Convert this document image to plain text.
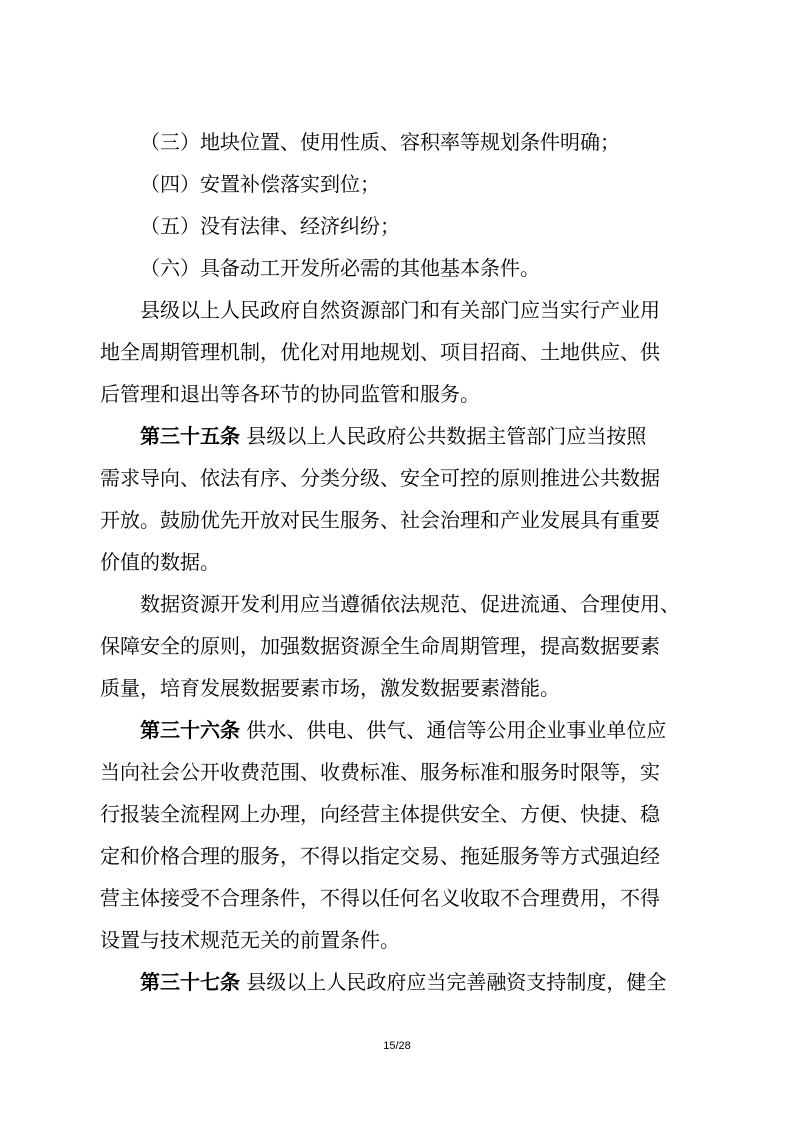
（三）地块位置、使用性质、容积率等规划条件明确；
（四）安置补偿落实到位；
（五）没有法律、经济纠纷；
（六）具备动工开发所必需的其他基本条件。
县级以上人民政府自然资源部门和有关部门应当实行产业用
地全周期管理机制，优化对用地规划、项目招商、土地供应、供
后管理和退出等各环节的协同监管和服务。
第三十五条 县级以上人民政府公共数据主管部门应当按照
需求导向、依法有序、分类分级、安全可控的原则推进公共数据
开放。鼓励优先开放对民生服务、社会治理和产业发展具有重要
价值的数据。
数据资源开发利用应当遵循依法规范、促进流通、合理使用、
保障安全的原则，加强数据资源全生命周期管理，提高数据要素
质量，培育发展数据要素市场，激发数据要素潜能。
第三十六条 供水、供电、供气、通信等公用企业事业单位应
当向社会公开收费范围、收费标准、服务标准和服务时限等，实
行报装全流程网上办理，向经营主体提供安全、方便、快捷、稳
定和价格合理的服务，不得以指定交易、拖延服务等方式强迫经
营主体接受不合理条件，不得以任何名义收取不合理费用，不得
设置与技术规范无关的前置条件。
第三十七条 县级以上人民政府应当完善融资支持制度，健全
15/28
